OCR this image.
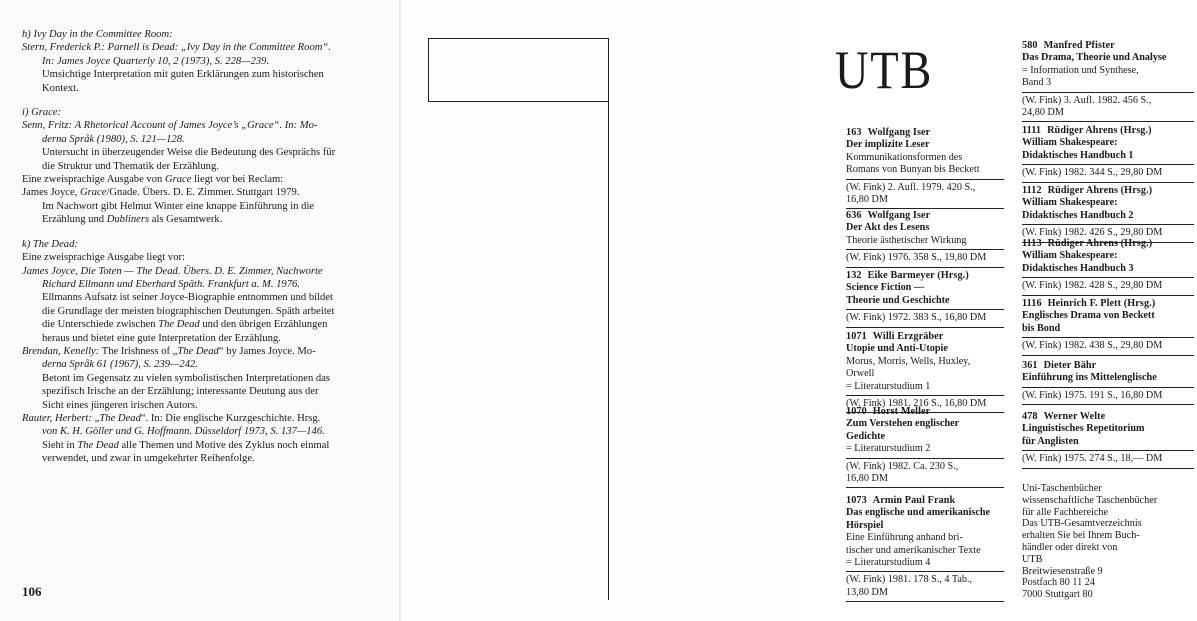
h) Ivy Day in the Committee Room:
Stern, Frederick P.: Parnell is Dead: „Ivy Day in the Committee Room“.
In: James Joyce Quarterly 10, 2 (1973), S. 228—239.
Umsichtige Interpretation mit guten Erklärungen zum historischen
Kontext.
i) Grace:
Senn, Fritz: A Rhetorical Account of James Joyce’s „Grace“. In: Mo-
derna Språk (1980), S. 121—128.
Untersucht in überzeugender Weise die Bedeutung des Gesprächs für
die Struktur und Thematik der Erzählung.
Eine zweisprachige Ausgabe von Grace liegt vor bei Reclam:
James Joyce, Grace/Gnade. Übers. D. E. Zimmer. Stuttgart 1979.
Im Nachwort gibt Helmut Winter eine knappe Einführung in die
Erzählung und Dubliners als Gesamtwerk.
k) The Dead:
Eine zweisprachige Ausgabe liegt vor:
James Joyce, Die Toten — The Dead. Übers. D. E. Zimmer, Nachworte
Richard Ellmann und Eberhard Späth. Frankfurt a. M. 1976.
Ellmanns Aufsatz ist seiner Joyce-Biographie entnommen und bildet
die Grundlage der meisten biographischen Deutungen. Späth arbeitet
die Unterschiede zwischen The Dead und den übrigen Erzählungen
heraus und bietet eine gute Interpretation der Erzählung.
Brendan, Kenelly: The Irishness of „The Dead“ by James Joyce. Mo-
derna Språk 61 (1967), S. 239—242.
Betont im Gegensatz zu vielen symbolistischen Interpretationen das
spezifisch Irische an der Erzählung; interessante Deutung aus der
Sicht eines jüngeren irischen Autors.
Rauter, Herbert: „The Dead“. In: Die englische Kurzgeschichte. Hrsg.
von K. H. Göller und G. Hoffmann. Düsseldorf 1973, S. 137—146.
Sieht in The Dead alle Themen und Motive des Zyklus noch einmal
verwendet, und zwar in umgekehrter Reihenfolge.
106
UTB
163 Wolfgang Iser
Der implizite Leser
Kommunikationsformen des
Romans von Bunyan bis Beckett
(W. Fink) 2. Aufl. 1979. 420 S.,
16,80 DM
636 Wolfgang Iser
Der Akt des Lesens
Theorie ästhetischer Wirkung
(W. Fink) 1976. 358 S., 19,80 DM
132 Eike Barmeyer (Hrsg.)
Science Fiction —
Theorie und Geschichte
(W. Fink) 1972. 383 S., 16,80 DM
1071 Willi Erzgräber
Utopie und Anti-Utopie
Morus, Morris, Wells, Huxley,
Orwell
= Literaturstudium 1
(W. Fink) 1981. 216 S., 16,80 DM
1070 Horst Meller
Zum Verstehen englischer
Gedichte
= Literaturstudium 2
(W. Fink) 1982. Ca. 230 S.,
16,80 DM
1073 Armin Paul Frank
Das englische und amerikanische
Hörspiel
Eine Einführung anhand bri-
tischer und amerikanischer Texte
= Literaturstudium 4
(W. Fink) 1981. 178 S., 4 Tab.,
13,80 DM
580 Manfred Pfister
Das Drama, Theorie und Analyse
= Information und Synthese,
Band 3
(W. Fink) 3. Aufl. 1982. 456 S.,
24,80 DM
1111 Rüdiger Ahrens (Hrsg.)
William Shakespeare:
Didaktisches Handbuch 1
(W. Fink) 1982. 344 S., 29,80 DM
1112 Rüdiger Ahrens (Hrsg.)
William Shakespeare:
Didaktisches Handbuch 2
(W. Fink) 1982. 426 S., 29,80 DM
1113 Rüdiger Ahrens (Hrsg.)
William Shakespeare:
Didaktisches Handbuch 3
(W. Fink) 1982. 428 S., 29,80 DM
1116 Heinrich F. Plett (Hrsg.)
Englisches Drama von Beckett
bis Bond
(W. Fink) 1982. 438 S., 29,80 DM
361 Dieter Bähr
Einführung ins Mittelenglische
(W. Fink) 1975. 191 S., 16,80 DM
478 Werner Welte
Linguistisches Repetitorium
für Anglisten
(W. Fink) 1975. 274 S., 18,— DM
Uni-Taschenbücher
wissenschaftliche Taschenbücher
für alle Fachbereiche
Das UTB-Gesamtverzeichnis
erhalten Sie bei Ihrem Buch-
händler oder direkt von
UTB
Breitwiesenstraße 9
Postfach 80 11 24
7000 Stuttgart 80
